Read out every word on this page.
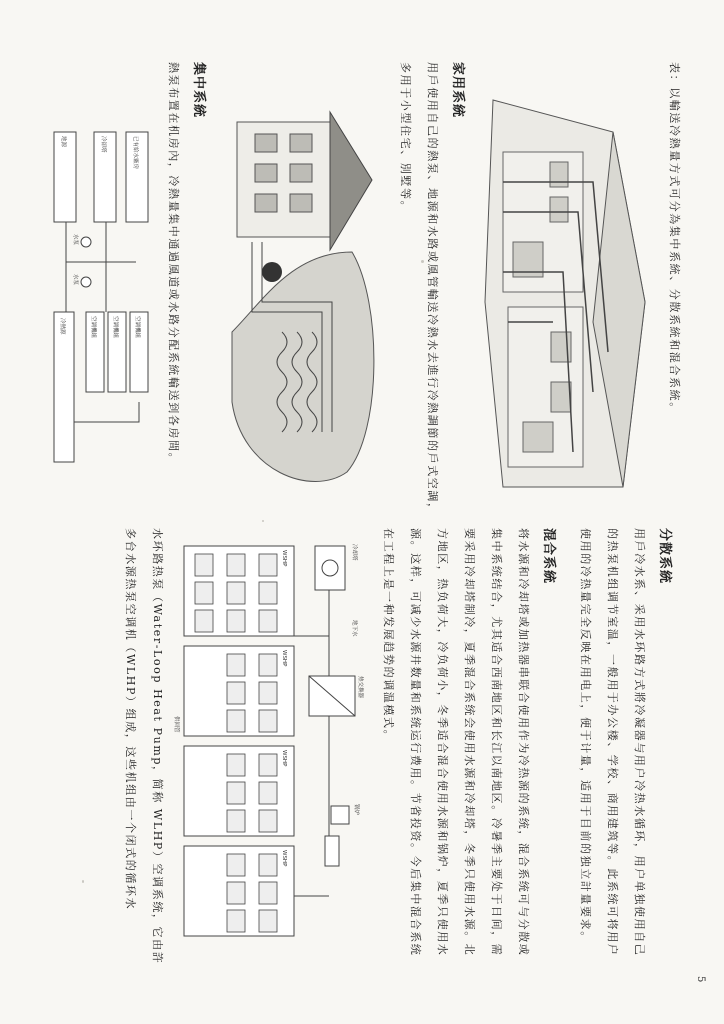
5

表：以輸送冷熱量方式可分為集中系統、分散系統和混合系統。

家用系統

用戶使用自己的熱泵、地源和水路或風管輸送冷熱水去進行冷熱調節的戶式空調，多用于小型住宅、別墅等。

集中系統

熱泵布置在机房內，冷熱量集中通過風道或水路分配系統輸送到各房間。

已有給水廠房
冷卻塔
地源
空調機組
空調機組
空調機組
冷熱源
水泵
水泵

分散系統

用戶冷水系、采用水环路方式將冷凝器与用户冷热水循环，用户单独使用自己的热泵机组调节室温，一般用于办公楼、学校、商用建筑等。此系统可将用户使用的冷热量完全反映在用电上，便于计量，适用于目前的独立計量要求。

混合系統

将水源和冷却塔或加热器串联合使用作为冷热源的系统，混合系统可与分散或集中系统结合，尤其适合西南地区和长江以南地区。冷暑季主要处于日间，需要采用冷却塔制冷，夏季混合系统会使用水源和冷却塔，冬季只使用水源。北方地区，热负荷大，冷负荷小，冬季适合混合使用水源和锅炉，夏季只使用水源。这样，可减少水源井数量和系统运行费用。节省投资。今后集中混合系统在工程上是一种发展趋势的调温模式。

冷却塔
地下水
热交换器
锅炉
WSHP
WSHP
WSHP
WSHP
供回管

水环路热泵（Water-Loop Heat Pump，简称 WLHP）空调系统，它由許多台水源热泵空调机（WLHP）组成，这些机组由一个闭式的循环水
